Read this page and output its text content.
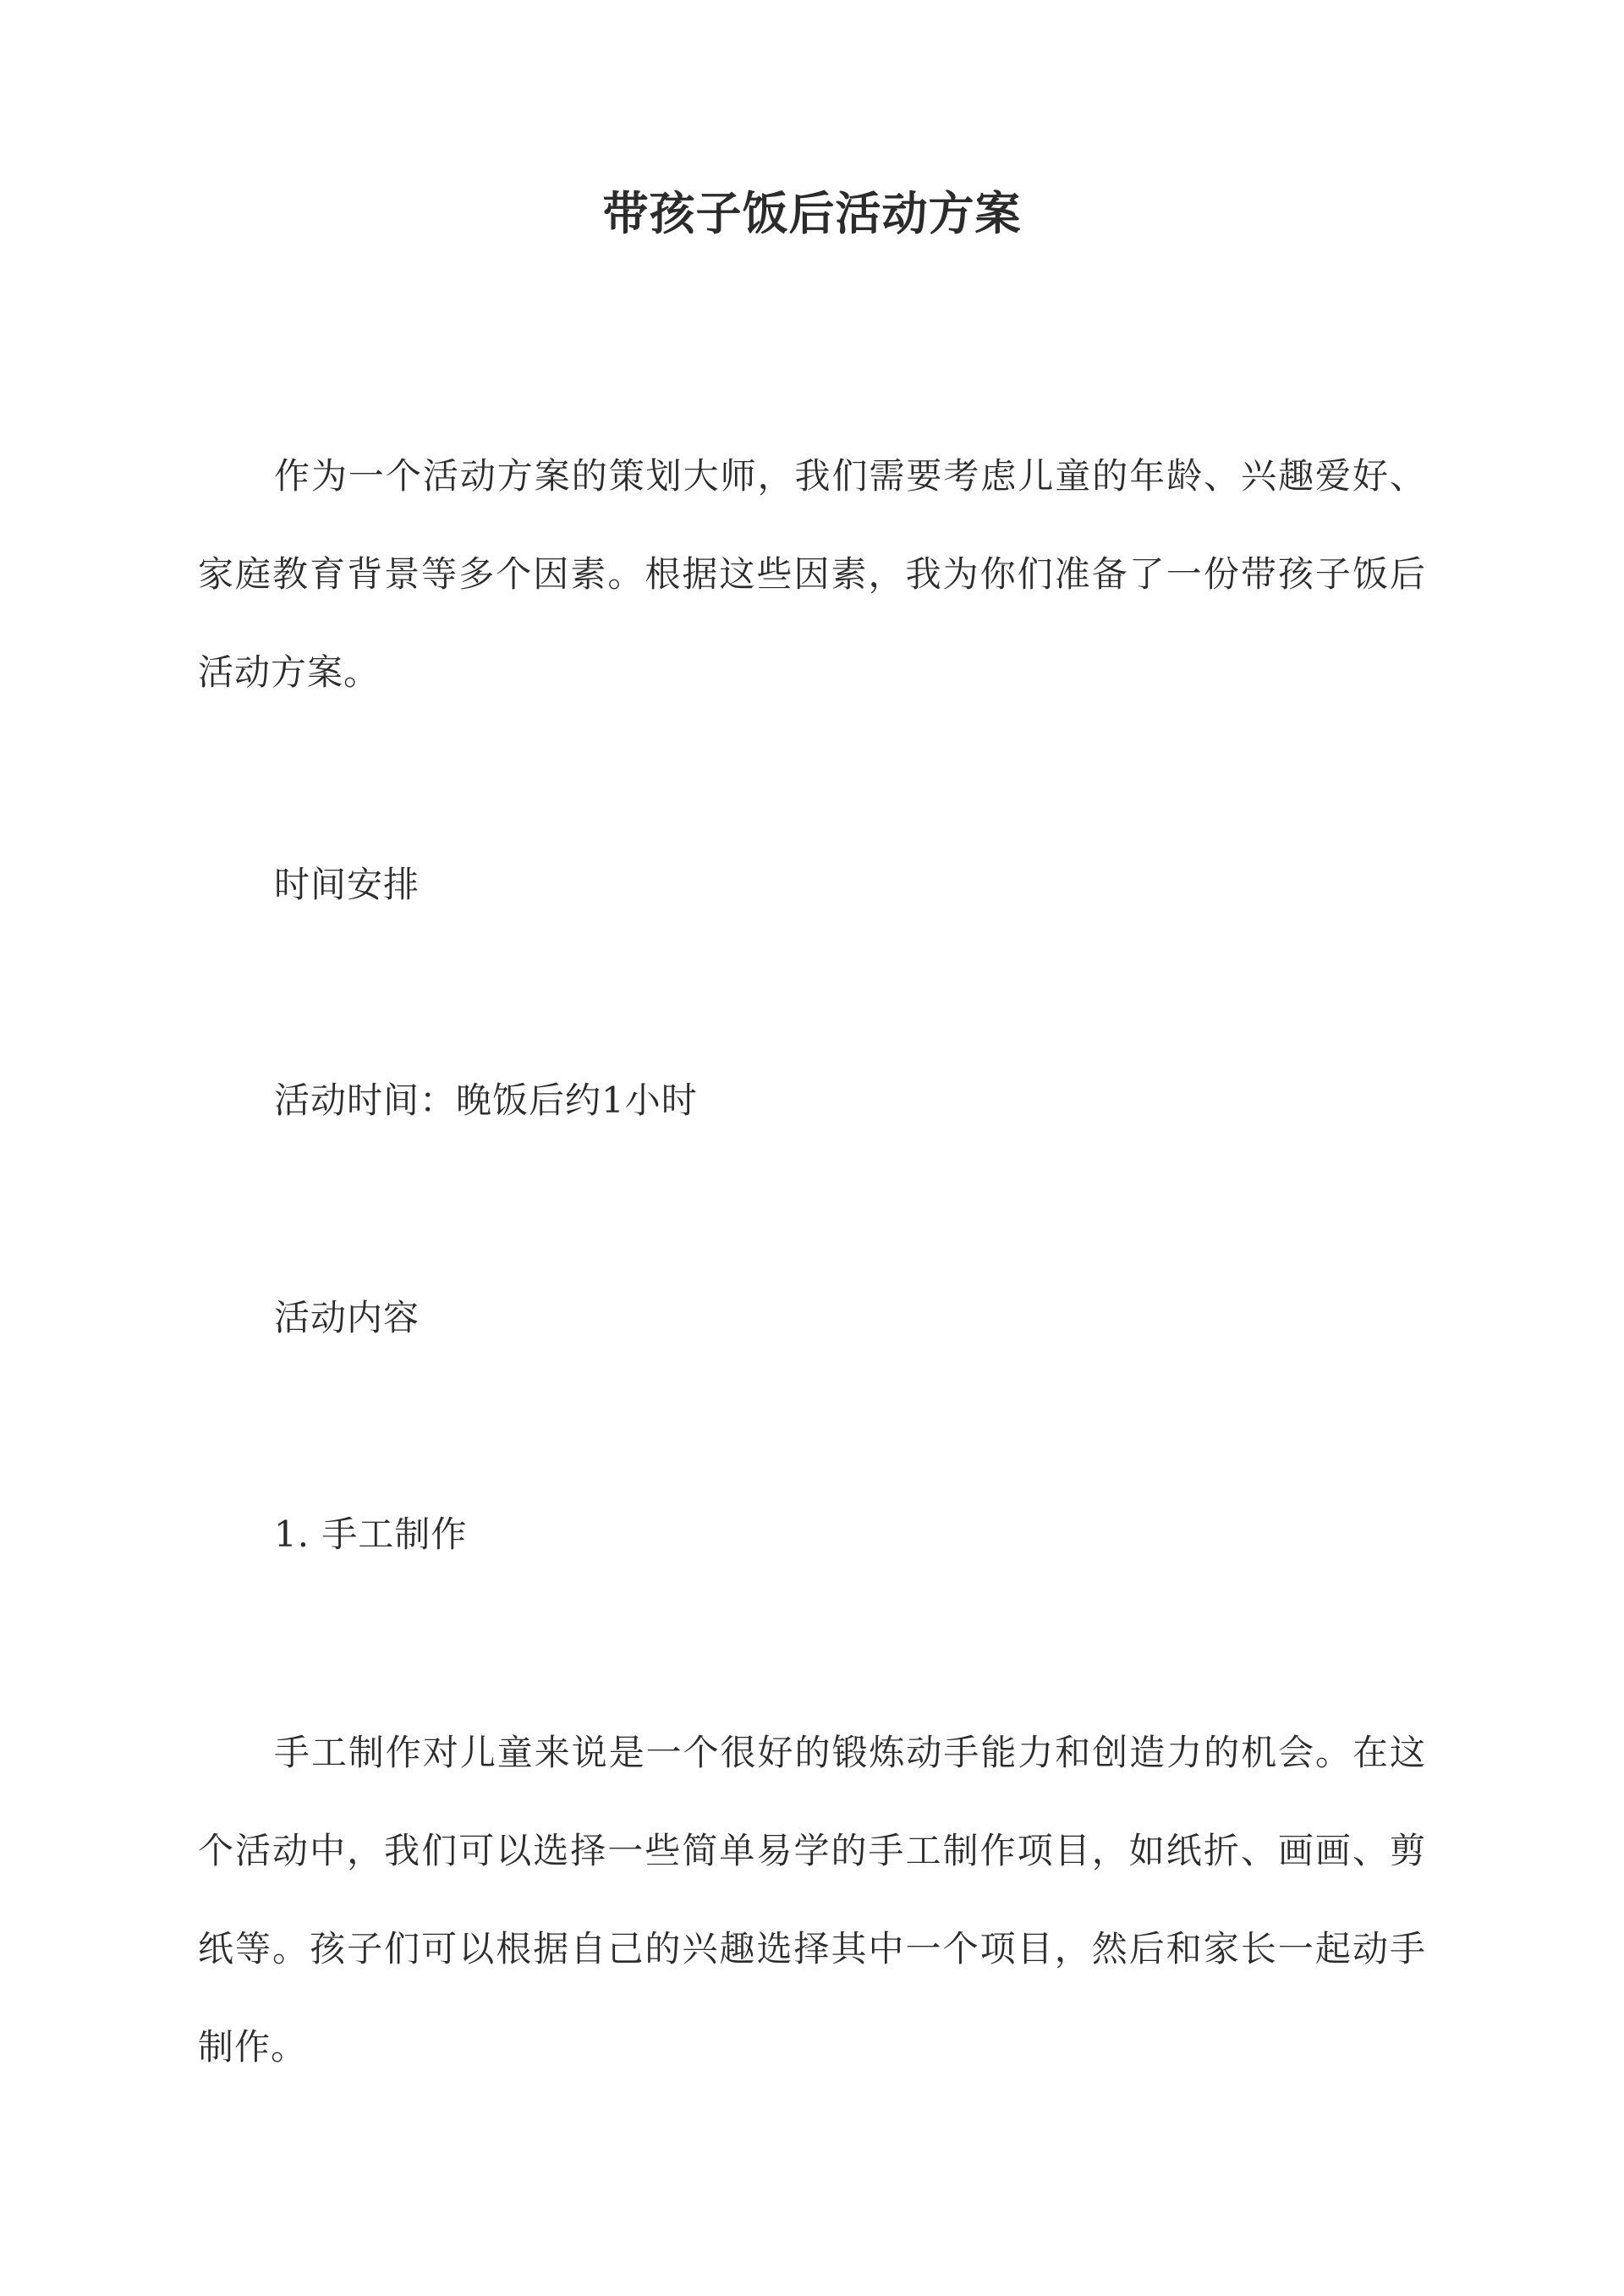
带孩子饭后活动方案

作为一个活动方案的策划大师，我们需要考虑儿童的年龄、兴趣爱好、家庭教育背景等多个因素。根据这些因素，我为你们准备了一份带孩子饭后活动方案。

时间安排

活动时间：晚饭后约1小时

活动内容

1. 手工制作

手工制作对儿童来说是一个很好的锻炼动手能力和创造力的机会。在这个活动中，我们可以选择一些简单易学的手工制作项目，如纸折、画画、剪纸等。孩子们可以根据自己的兴趣选择其中一个项目，然后和家长一起动手制作。
